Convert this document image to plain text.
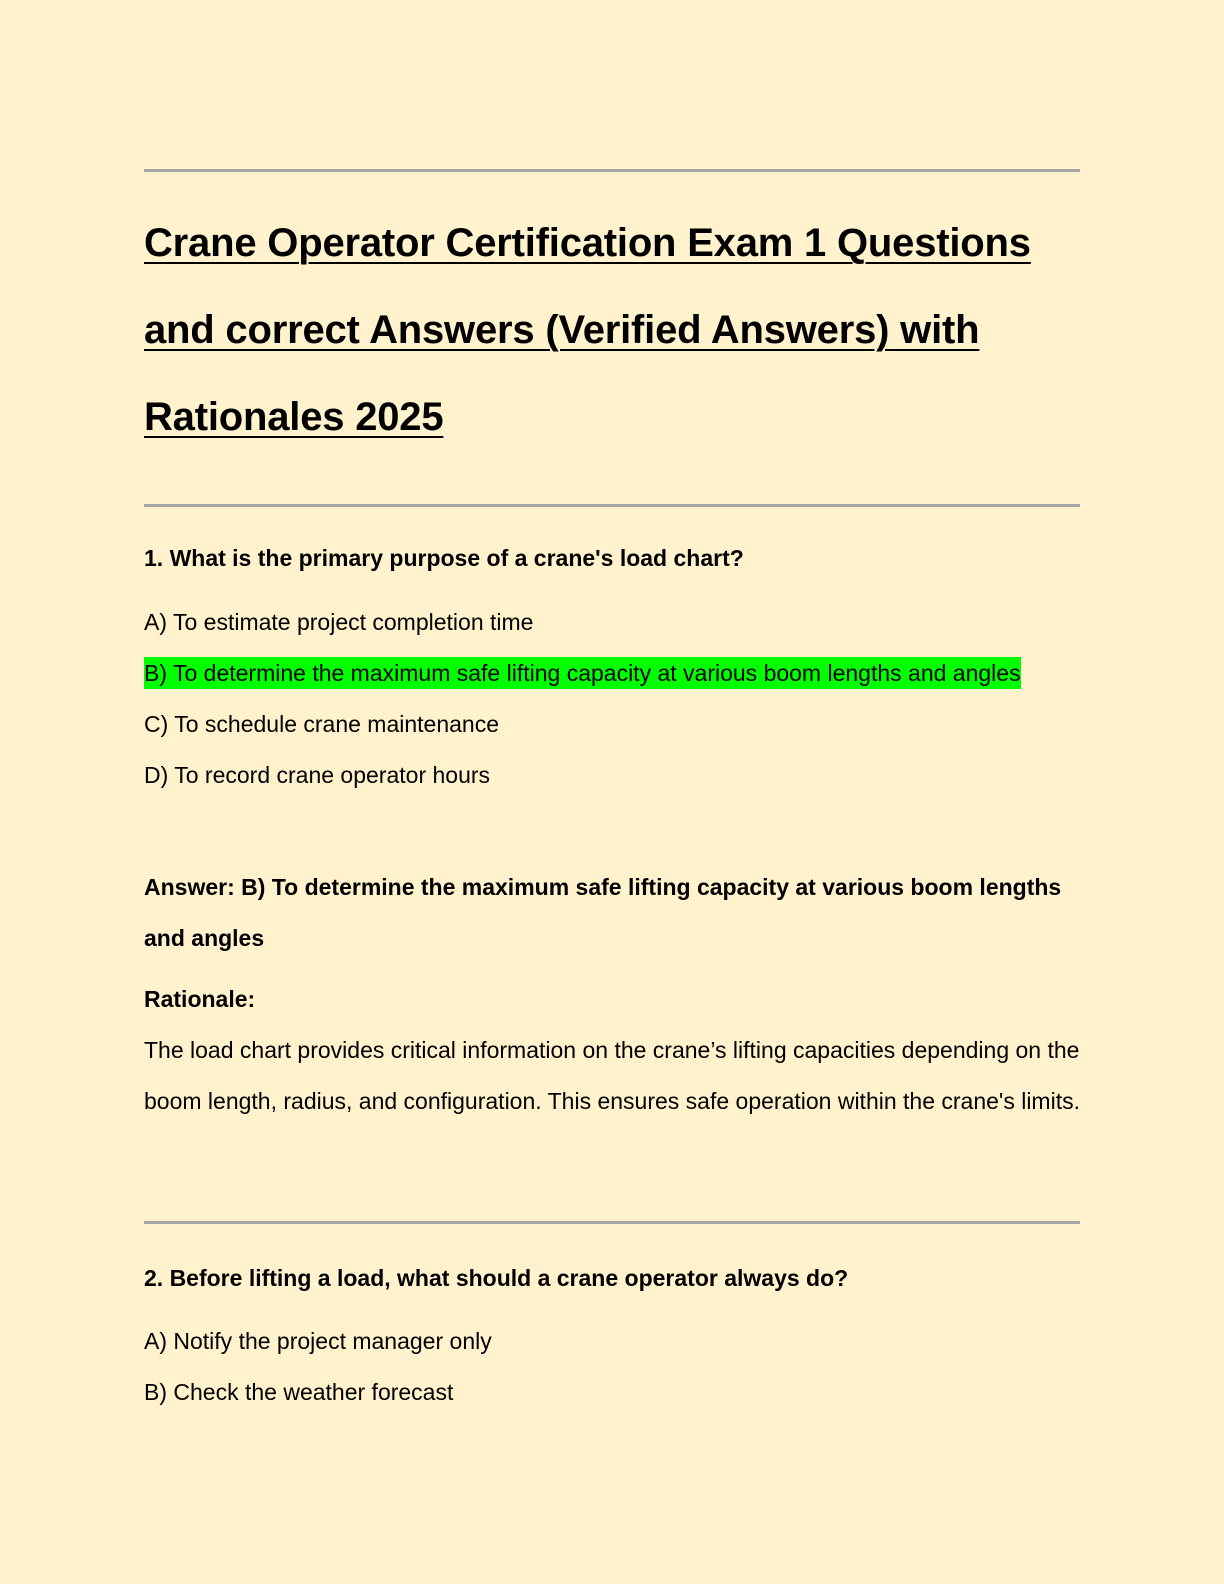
Crane Operator Certification Exam 1 Questions and correct Answers (Verified Answers) with Rationales 2025

1. What is the primary purpose of a crane's load chart?

A) To estimate project completion time

B) To determine the maximum safe lifting capacity at various boom lengths and angles

C) To schedule crane maintenance

D) To record crane operator hours

Answer: B) To determine the maximum safe lifting capacity at various boom lengths and angles

Rationale:

The load chart provides critical information on the crane’s lifting capacities depending on the boom length, radius, and configuration. This ensures safe operation within the crane's limits.

2. Before lifting a load, what should a crane operator always do?

A) Notify the project manager only

B) Check the weather forecast
